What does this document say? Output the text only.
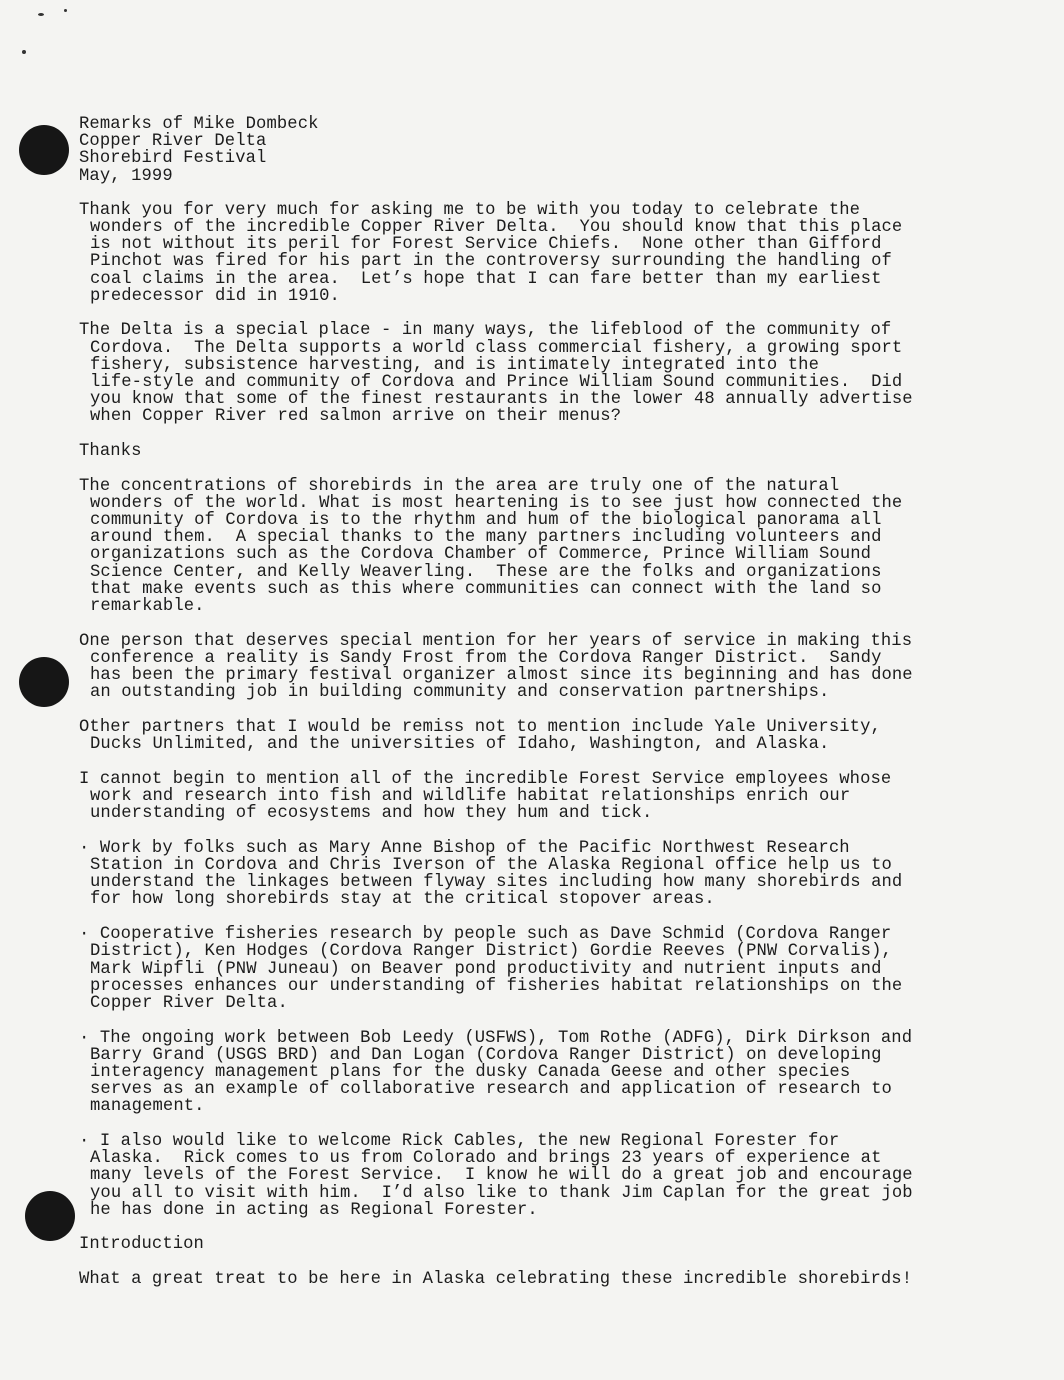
Remarks of Mike Dombeck
Copper River Delta
Shorebird Festival
May, 1999
Thank you for very much for asking me to be with you today to celebrate the
wonders of the incredible Copper River Delta.  You should know that this place
is not without its peril for Forest Service Chiefs.  None other than Gifford
Pinchot was fired for his part in the controversy surrounding the handling of
coal claims in the area.  Let’s hope that I can fare better than my earliest
predecessor did in 1910.
The Delta is a special place - in many ways, the lifeblood of the community of
Cordova.  The Delta supports a world class commercial fishery, a growing sport
fishery, subsistence harvesting, and is intimately integrated into the
life-style and community of Cordova and Prince William Sound communities.  Did
you know that some of the finest restaurants in the lower 48 annually advertise
when Copper River red salmon arrive on their menus?
Thanks
The concentrations of shorebirds in the area are truly one of the natural
wonders of the world. What is most heartening is to see just how connected the
community of Cordova is to the rhythm and hum of the biological panorama all
around them.  A special thanks to the many partners including volunteers and
organizations such as the Cordova Chamber of Commerce, Prince William Sound
Science Center, and Kelly Weaverling.  These are the folks and organizations
that make events such as this where communities can connect with the land so
remarkable.
One person that deserves special mention for her years of service in making this
conference a reality is Sandy Frost from the Cordova Ranger District.  Sandy
has been the primary festival organizer almost since its beginning and has done
an outstanding job in building community and conservation partnerships.
Other partners that I would be remiss not to mention include Yale University,
Ducks Unlimited, and the universities of Idaho, Washington, and Alaska.
I cannot begin to mention all of the incredible Forest Service employees whose
work and research into fish and wildlife habitat relationships enrich our
understanding of ecosystems and how they hum and tick.
· Work by folks such as Mary Anne Bishop of the Pacific Northwest Research
Station in Cordova and Chris Iverson of the Alaska Regional office help us to
understand the linkages between flyway sites including how many shorebirds and
for how long shorebirds stay at the critical stopover areas.
· Cooperative fisheries research by people such as Dave Schmid (Cordova Ranger
District), Ken Hodges (Cordova Ranger District) Gordie Reeves (PNW Corvalis),
Mark Wipfli (PNW Juneau) on Beaver pond productivity and nutrient inputs and
processes enhances our understanding of fisheries habitat relationships on the
Copper River Delta.
· The ongoing work between Bob Leedy (USFWS), Tom Rothe (ADFG), Dirk Dirkson and
Barry Grand (USGS BRD) and Dan Logan (Cordova Ranger District) on developing
interagency management plans for the dusky Canada Geese and other species
serves as an example of collaborative research and application of research to
management.
· I also would like to welcome Rick Cables, the new Regional Forester for
Alaska.  Rick comes to us from Colorado and brings 23 years of experience at
many levels of the Forest Service.  I know he will do a great job and encourage
you all to visit with him.  I’d also like to thank Jim Caplan for the great job
he has done in acting as Regional Forester.
Introduction
What a great treat to be here in Alaska celebrating these incredible shorebirds!
